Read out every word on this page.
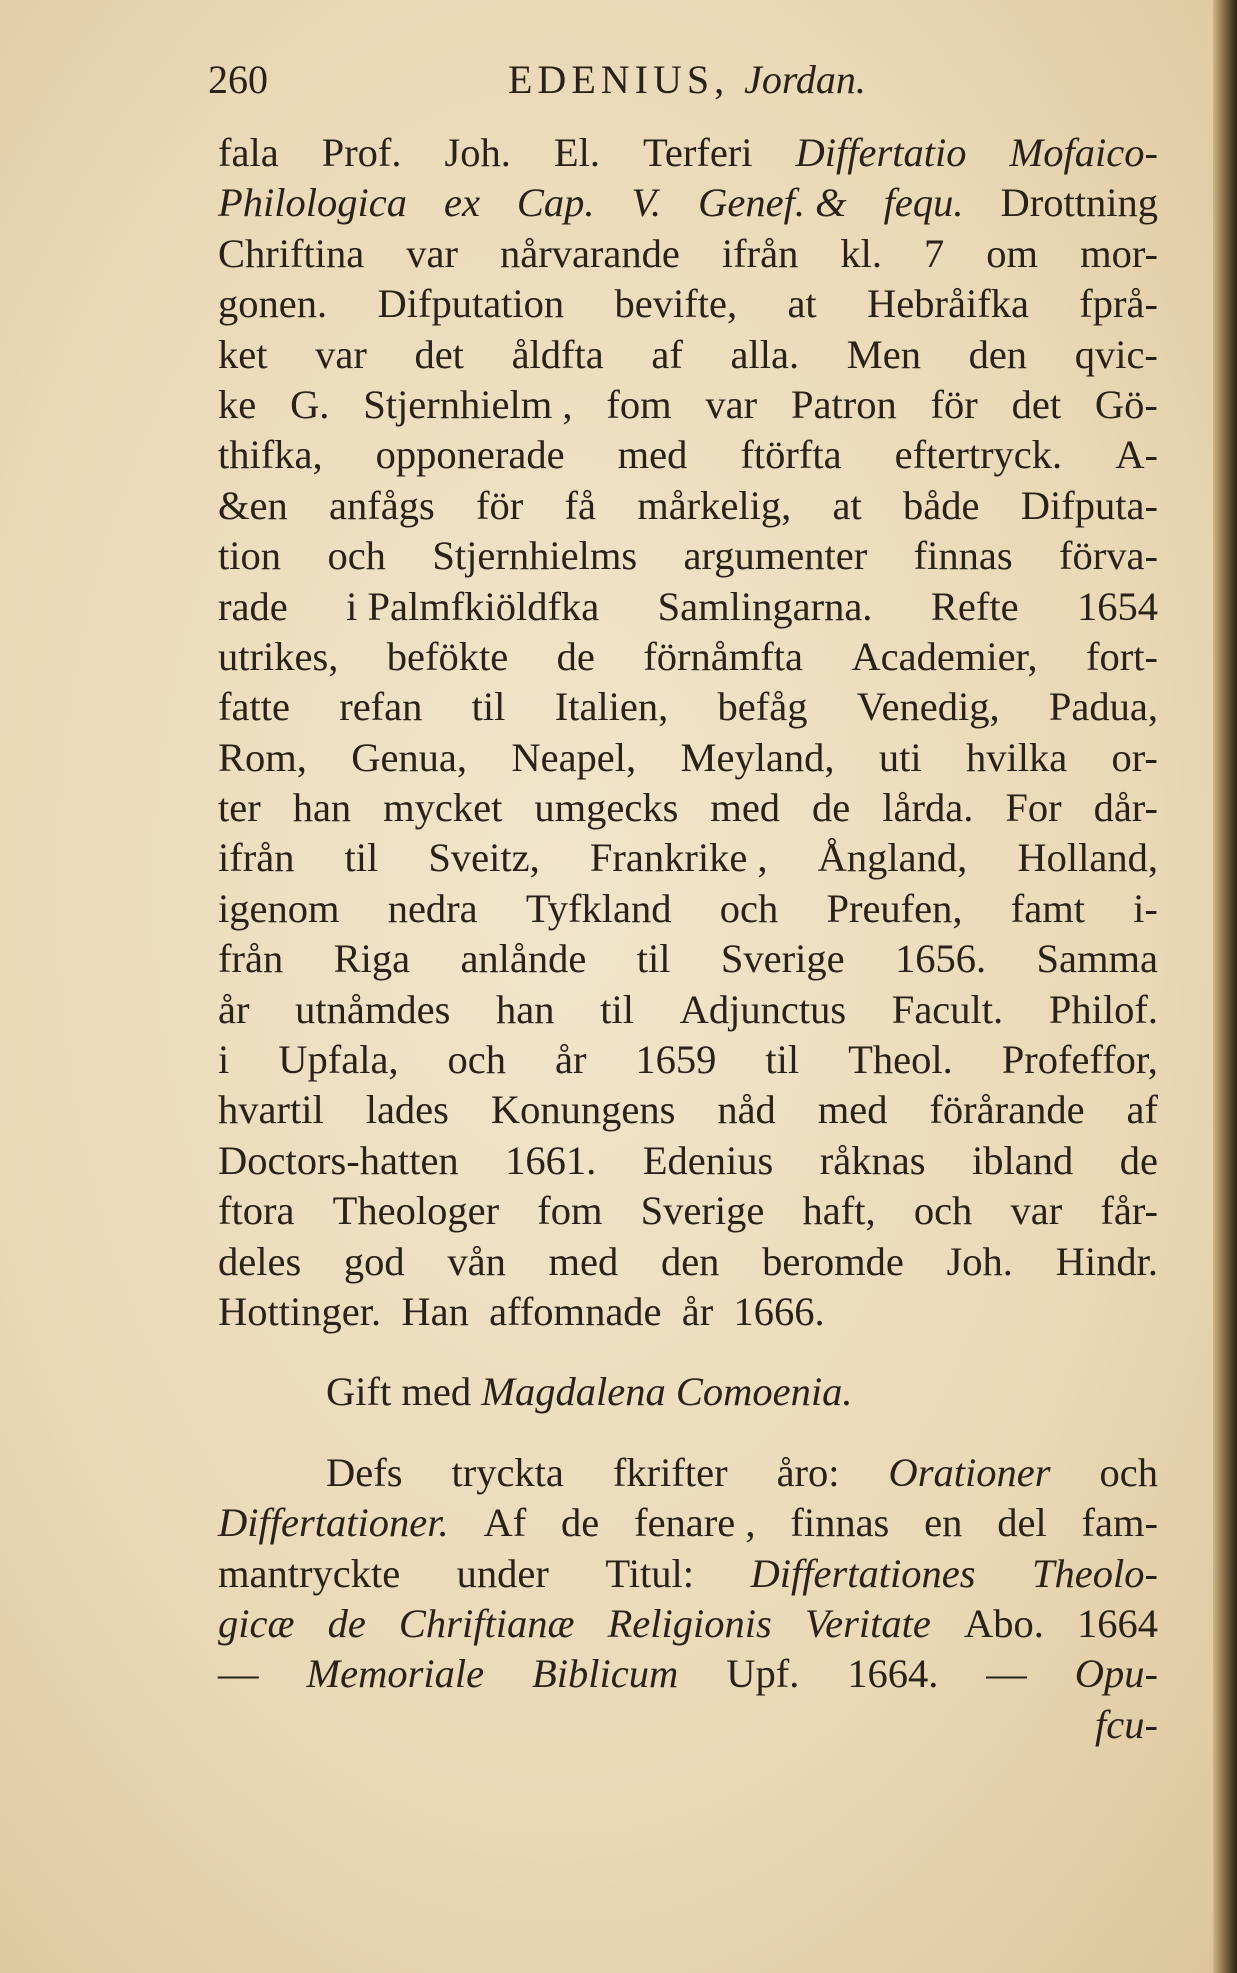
260	EDENIUS, Jordan.
fala Prof. Joh. El. Terferi Differtatio Mofaico-
Philologica ex Cap. V. Genef. & fequ. Drottning
Chriftina var nårvarande ifrån kl. 7 om mor-
gonen. Difputation bevifte, at Hebråifka fprå-
ket var det åldfta af alla. Men den qvic-
ke G. Stjernhielm , fom var Patron för det Gö-
thifka, opponerade med ftörfta eftertryck. A-
&en anfågs för få mårkelig, at både Difputa-
tion och Stjernhielms argumenter finnas förva-
rade i Palmfkiöldfka Samlingarna. Refte 1654
utrikes, befökte de förnåmfta Academier, fort-
fatte refan til Italien, befåg Venedig, Padua,
Rom, Genua, Neapel, Meyland, uti hvilka or-
ter han mycket umgecks med de lårda. For dår-
ifrån til Sveitz, Frankrike , Ångland, Holland,
igenom nedra Tyfkland och Preufen, famt i-
från Riga anlånde til Sverige 1656. Samma
år utnåmdes han til Adjunctus Facult. Philof.
i Upfala, och år 1659 til Theol. Profeffor,
hvartil lades Konungens nåd med förårande af
Doctors-hatten 1661. Edenius råknas ibland de
ftora Theologer fom Sverige haft, och var får-
deles god vån med den beromde Joh. Hindr.
Hottinger. Han affomnade år 1666.
Gift med Magdalena Comoenia.
Defs tryckta fkrifter åro: Orationer och
Differtationer. Af de fenare , finnas en del fam-
mantryckte under Titul: Differtationes Theolo-
gicæ de Chriftianæ Religionis Veritate Abo. 1664
— Memoriale Biblicum Upf. 1664. — Opu-
fcu-
